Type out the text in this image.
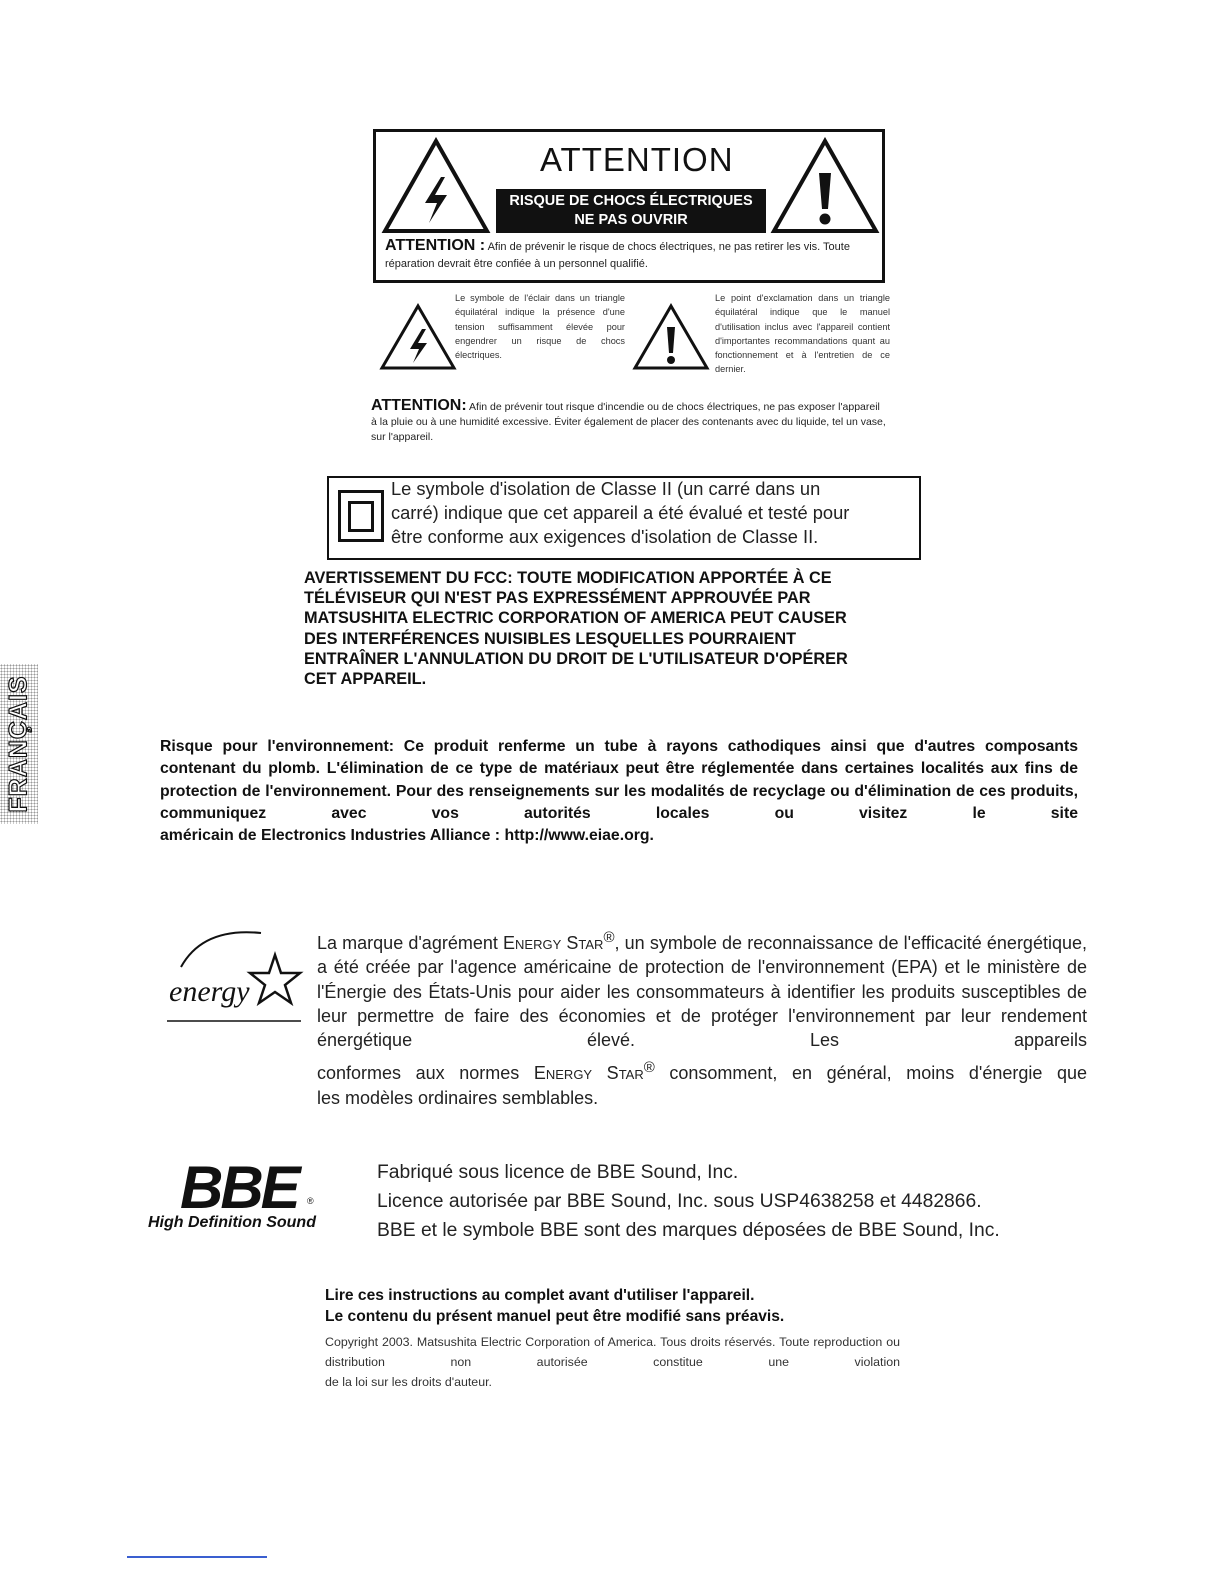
FRANÇAIS
ATTENTION
RISQUE DE CHOCS ÉLECTRIQUES
NE PAS OUVRIR
ATTENTION : Afin de prévenir le risque de chocs électriques, ne pas retirer les vis. Toute réparation devrait être confiée à un personnel qualifié.
Le symbole de l'éclair dans un triangle équilatéral indique la présence d'une tension suffisamment élevée pour engendrer un risque de chocs électriques.
Le point d'exclamation dans un triangle équilatéral indique que le manuel d'utilisation inclus avec l'appareil contient d'importantes recommandations quant au fonctionnement et à l'entretien de ce dernier.
ATTENTION: Afin de prévenir tout risque d'incendie ou de chocs électriques, ne pas exposer l'appareil à la pluie ou à une humidité excessive. Éviter également de placer des contenants avec du liquide, tel un vase, sur l'appareil.
Le symbole d'isolation de Classe II (un carré dans un
carré) indique que cet appareil a été évalué et testé pour
être conforme aux exigences d'isolation de Classe II.
AVERTISSEMENT DU FCC: TOUTE MODIFICATION APPORTÉE À CE
TÉLÉVISEUR QUI N'EST PAS EXPRESSÉMENT APPROUVÉE PAR
MATSUSHITA ELECTRIC CORPORATION OF AMERICA PEUT CAUSER
DES INTERFÉRENCES NUISIBLES LESQUELLES POURRAIENT
ENTRAÎNER L'ANNULATION DU DROIT DE L'UTILISATEUR D'OPÉRER
CET APPAREIL.
Risque pour l'environnement: Ce produit renferme un tube à rayons cathodiques ainsi que d'autres composants contenant du plomb. L'élimination de ce type de matériaux peut être réglementée dans certaines localités aux fins de protection de l'environnement. Pour des renseignements sur les modalités de recyclage ou d'élimination de ces produits, communiquez avec vos autorités locales ou visitez le site
américain de Electronics Industries Alliance : http://www.eiae.org.
energy
La marque d'agrément Energy Star®, un symbole de reconnaissance de l'efficacité énergétique, a été créée par l'agence américaine de protection de l'environnement (EPA) et le ministère de l'Énergie des États-Unis pour aider les consommateurs à identifier les produits susceptibles de leur permettre de faire des économies et de protéger l'environnement par leur rendement énergétique élevé. Les appareils
conformes aux normes Energy Star® consomment, en général, moins d'énergie que
les modèles ordinaires semblables.
BBE ®
High Definition Sound
Fabriqué sous licence de BBE Sound, Inc.
Licence autorisée par BBE Sound, Inc. sous USP4638258 et 4482866.
BBE et le symbole BBE sont des marques déposées de BBE Sound, Inc.
Lire ces instructions au complet avant d'utiliser l'appareil.
Le contenu du présent manuel peut être modifié sans préavis.
Copyright 2003. Matsushita Electric Corporation of America. Tous droits réservés. Toute reproduction ou distribution non autorisée constitue une violation
de la loi sur les droits d'auteur.
